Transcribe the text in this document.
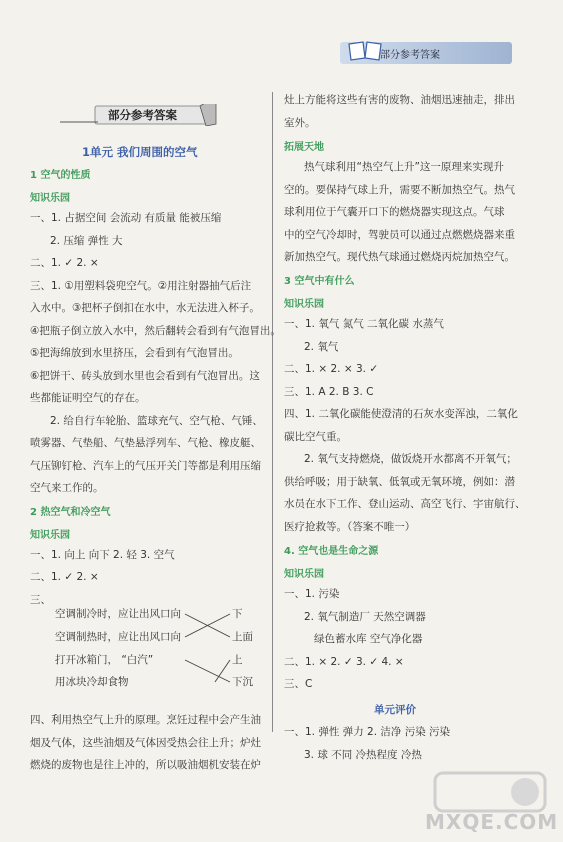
部分参考答案
部分参考答案
1单元 我们周围的空气
1 空气的性质
知识乐园
一、1. 占据空间 会流动 有质量 能被压缩
2. 压缩 弹性 大
二、1. ✓ 2. ×
三、1. ①用塑料袋兜空气。②用注射器抽气后注
入水中。③把杯子倒扣在水中，水无法进入杯子。
④把瓶子倒立放入水中，然后翻转会看到有气泡冒出。
⑤把海绵放到水里挤压，会看到有气泡冒出。
⑥把饼干、砖头放到水里也会看到有气泡冒出。这
些都能证明空气的存在。
2. 给自行车轮胎、篮球充气、空气枪、气锤、
喷雾器、气垫船、气垫悬浮列车、气枪、橡皮艇、
气压铆钉枪、汽车上的气压开关门等都是利用压缩
空气来工作的。
2 热空气和冷空气
知识乐园
一、1. 向上 向下 2. 轻 3. 空气
二、1. ✓ 2. ×
三、
四、利用热空气上升的原理。烹饪过程中会产生油
烟及气体，这些油烟及气体因受热会往上升；炉灶
燃烧的废物也是往上冲的，所以吸油烟机安装在炉
灶上方能将这些有害的废物、油烟迅速抽走，排出
室外。
拓展天地
热气球利用“热空气上升”这一原理来实现升
空的。要保持气球上升，需要不断加热空气。热气
球利用位于气囊开口下的燃烧器实现这点。气球
中的空气冷却时，驾驶员可以通过点燃燃烧器来重
新加热空气。现代热气球通过燃烧丙烷加热空气。
3 空气中有什么
知识乐园
一、1. 氧气 氮气 二氧化碳 水蒸气
2. 氧气
二、1. × 2. × 3. ✓
三、1. A 2. B 3. C
四、1. 二氧化碳能使澄清的石灰水变浑浊，二氧化
碳比空气重。
2. 氧气支持燃烧，做饭烧开水都离不开氧气；
供给呼吸；用于缺氧、低氧或无氧环境，例如：潜
水员在水下工作、登山运动、高空飞行、宇宙航行、
医疗抢救等。（答案不唯一）
4. 空气也是生命之源
知识乐园
一、1. 污染
2. 氧气制造厂 天然空调器
绿色蓄水库 空气净化器
二、1. × 2. ✓ 3. ✓ 4. ×
三、C
一、1. 弹性 弹力 2. 洁净 污染 污染
3. 球 不同 冷热程度 冷热
空调制冷时，应让出风口向
空调制热时，应让出风口向
打开冰箱门， “白汽”
用冰块冷却食物
下
上面
上
下沉
单元评价
MXQE.COM
